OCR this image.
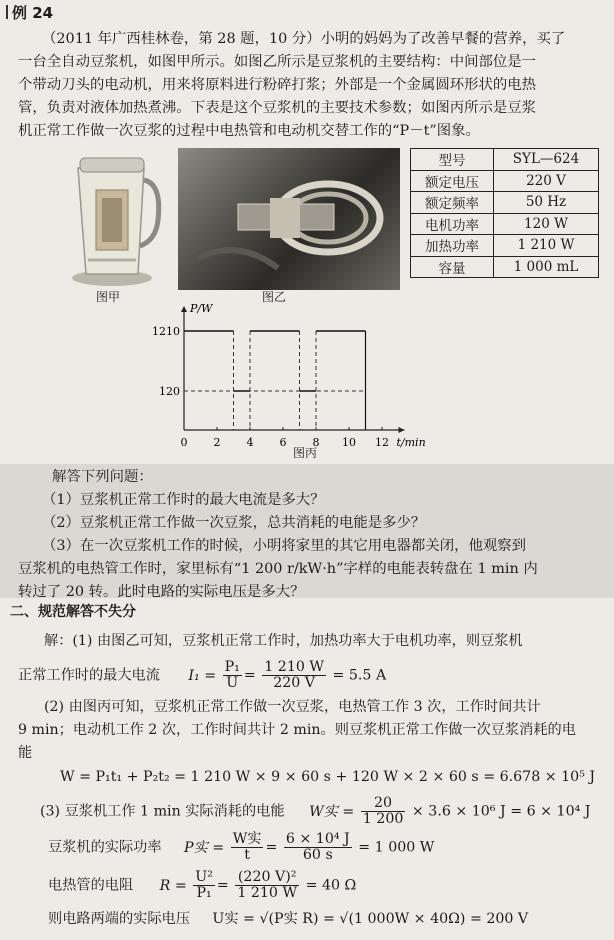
例 24
（2011 年广西桂林卷，第 28 题，10 分）小明的妈妈为了改善早餐的营养，买了
一台全自动豆浆机，如图甲所示。如图乙所示是豆浆机的主要结构：中间部位是一
个带动刀头的电动机，用来将原料进行粉碎打浆；外部是一个金属圆环形状的电热
管，负责对液体加热煮沸。下表是这个豆浆机的主要技术参数；如图丙所示是豆浆
机正常工作做一次豆浆的过程中电热管和电动机交替工作的“P－t”图象。
图甲	图乙
型号	SYL—624
额定电压	220 V
额定频率	50 Hz
电机功率	120 W
加热功率	1 210 W
容量	1 000 mL
P/W
t/min
0 2 4 6 8 10 12
120
1210
图丙
解答下列问题：
（1）豆浆机正常工作时的最大电流是多大？
（2）豆浆机正常工作做一次豆浆，总共消耗的电能是多少？
（3）在一次豆浆机工作的时候，小明将家里的其它用电器都关闭，他观察到
豆浆机的电热管工作时，家里标有“1 200 r/kW·h”字样的电能表转盘在 1 min 内
转过了 20 转。此时电路的实际电压是多大？
二、规范解答不失分
解：(1) 由图乙可知，豆浆机正常工作时，加热功率大于电机功率，则豆浆机
正常工作时的最大电流 $I_1 = \frac{\text{P₁}}{U} = \frac{1 210 W}{220 V} = 5.5$ A
(2) 由图丙可知，豆浆机正常工作做一次豆浆，电热管工作 3 次，工作时间共计
9 min；电动机工作 2 次，工作时间共计 2 min。则豆浆机正常工作做一次豆浆消耗的电
能
W = P₁t₁ + P₂t₂ = 1 210 W × 9 × 60 s + 120 W × 2 × 60 s = 6.678 × 10⁵ J
(3) 豆浆机工作 1 min 实际消耗的电能 W实 = $\frac{20}{1 200} \times 3.6 \times 10^6$ J = 6 × 10⁴ J
豆浆机的实际功率 P实 = $\frac{\text{W实}}{t} = \frac{\text{6 × 10⁴ J}}{60 s} = 1$ 000 W
电热管的电阻 $R = \frac{\text{U²}}{\text{P₁}} = \frac{\text{(220 V)²}}{1 210 W} = 40$ Ω
则电路两端的实际电压 U实 = √(P实 R) = √(1 000W × 40Ω) = 200 V
